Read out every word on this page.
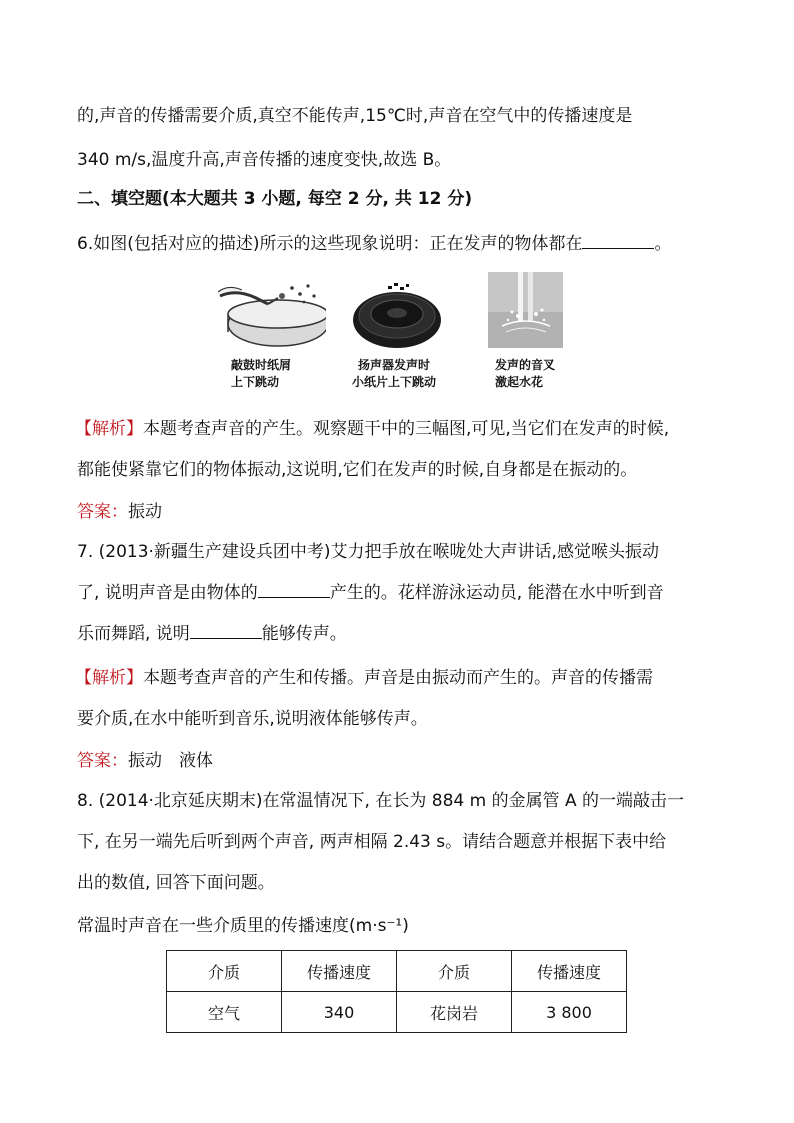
的,声音的传播需要介质,真空不能传声,15℃时,声音在空气中的传播速度是
340 m/s,温度升高,声音传播的速度变快,故选 B。
二、填空题(本大题共 3 小题, 每空 2 分, 共 12 分)
6.如图(包括对应的描述)所示的这些现象说明：正在发声的物体都在	。
敲鼓时纸屑
上下跳动
扬声器发声时
小纸片上下跳动
发声的音叉
激起水花
【解析】本题考查声音的产生。观察题干中的三幅图,可见,当它们在发声的时候,
都能使紧靠它们的物体振动,这说明,它们在发声的时候,自身都是在振动的。
答案：振动
7. (2013·新疆生产建设兵团中考)艾力把手放在喉咙处大声讲话,感觉喉头振动
了, 说明声音是由物体的	产生的。花样游泳运动员, 能潜在水中听到音
乐而舞蹈, 说明	能够传声。
【解析】本题考查声音的产生和传播。声音是由振动而产生的。声音的传播需
要介质,在水中能听到音乐,说明液体能够传声。
答案：振动　液体
8. (2014·北京延庆期末)在常温情况下, 在长为 884 m 的金属管 A 的一端敲击一
下, 在另一端先后听到两个声音, 两声相隔 2.43 s。请结合题意并根据下表中给
出的数值, 回答下面问题。
常温时声音在一些介质里的传播速度(m·s⁻¹)
介质	传播速度	介质	传播速度
空气	340	花岗岩	3 800
